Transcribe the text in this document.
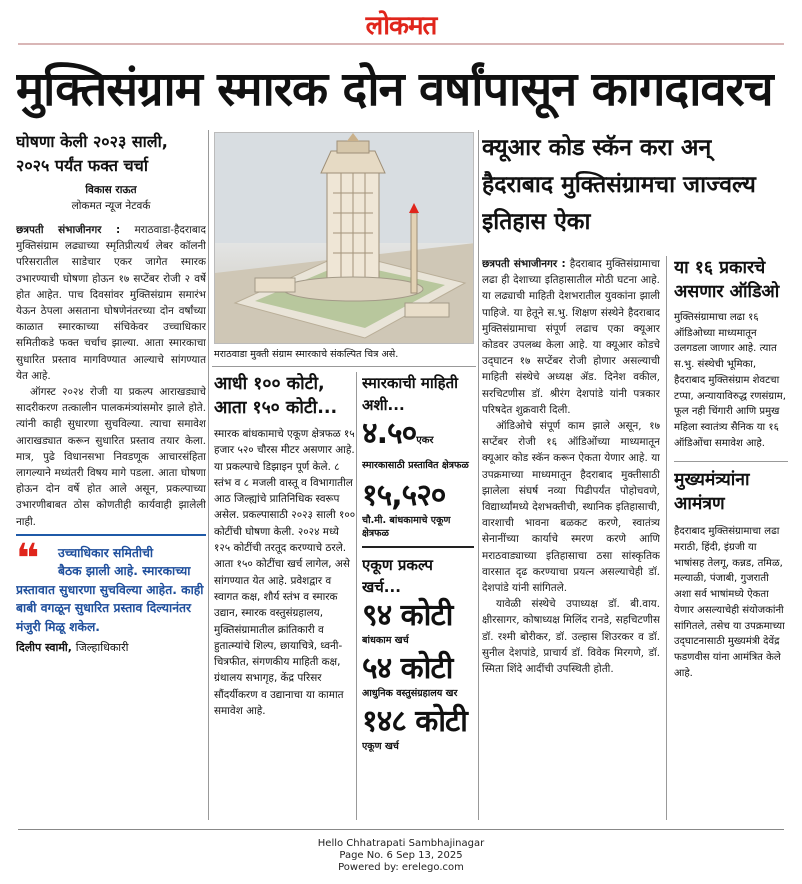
लोकमत
मुक्तिसंग्राम स्मारक दोन वर्षांपासून कागदावरच
घोषणा केली २०२३ साली, २०२५ पर्यंत फक्त चर्चा
विकास राऊत
लोकमत न्यूज नेटवर्क

छत्रपती संभाजीनगर : मराठवाडा-हैदराबाद मुक्तिसंग्राम लढ्याच्या स्मृतिप्रीत्यर्थ लेबर कॉलनी परिसरातील साडेचार एकर जागेत स्मारक उभारण्याची घोषणा होऊन १७ सप्टेंबर रोजी २ वर्षे होत आहेत. पाच दिवसांवर मुक्तिसंग्राम समारंभ येऊन ठेपला असताना घोषणेनंतरच्या दोन वर्षांच्या काळात स्मारकाच्या संचिकेवर उच्चाधिकार समितीकडे फक्त चर्चाच झाल्या. आता स्मारकाचा सुधारित प्रस्ताव मागविण्यात आल्याचे सांगण्यात येत आहे.

ऑगस्ट २०२४ रोजी या प्रकल्प आराखड्याचे सादरीकरण तत्कालीन पालकमंत्र्यांसमोर झाले होते. त्यांनी काही सुधारणा सुचविल्या. त्याचा समावेश आराखड्यात करून सुधारित प्रस्ताव तयार केला. मात्र, पुढे विधानसभा निवडणूक आचारसंहिता लागल्याने मध्यंतरी विषय मागे पडला. आता घोषणा होऊन दोन वर्षे होत आले असून, प्रकल्पाच्या उभारणीबाबत ठोस कोणतीही कार्यवाही झालेली नाही.

❝	उच्चाधिकार समितीची
बैठक झाली आहे. स्मारकाच्या प्रस्तावात सुधारणा सुचविल्या आहेत. काही बाबी वगळून सुधारित प्रस्ताव दिल्यानंतर मंजुरी मिळू शकेल.
दिलीप स्वामी, जिल्हाधिकारी
मराठवाडा मुक्ती संग्राम स्मारकाचे संकल्पित चित्र असे.
आधी १०० कोटी, आता १५० कोटी...

स्मारक बांधकामाचे एकूण क्षेत्रफळ १५ हजार ५२० चौरस मीटर असणार आहे. या प्रकल्पाचे डिझाइन पूर्ण केले. ८ स्तंभ व ८ मजली वास्तू व विभागातील आठ जिल्ह्यांचे प्रातिनिधिक स्वरूप असेल. प्रकल्पासाठी २०२३ साली १०० कोटींची घोषणा केली. २०२४ मध्ये १२५ कोटींची तरतूद करण्याचे ठरले. आता १५० कोटींचा खर्च लागेल, असे सांगण्यात येत आहे. प्रवेशद्वार व स्वागत कक्ष, शौर्य स्तंभ व स्मारक उद्यान, स्मारक वस्तुसंग्रहालय, मुक्तिसंग्रामातील क्रांतिकारी व हुतात्म्यांचे शिल्प, छायाचित्रे, ध्वनी-चित्रफीत, संगणकीय माहिती कक्ष, ग्रंथालय सभागृह, केंद्र परिसर सौंदर्यीकरण व उद्यानाचा या कामात समावेश आहे.

स्मारकाची माहिती अशी...
४.५०एकर
स्मारकासाठी प्रस्तावित क्षेत्रफळ
१५,५२०
चौ.मी. बांधकामाचे एकूण क्षेत्रफळ
एकूण प्रकल्प खर्च...
९४ कोटी
बांधकाम खर्च
५४ कोटी
आधुनिक वस्तुसंग्रहालय खर
१४८ कोटी
एकूण खर्च
क्यूआर कोड स्कॅन करा अन् हैदराबाद मुक्तिसंग्रामचा जाज्वल्य इतिहास ऐका

छत्रपती संभाजीनगर : हैदराबाद मुक्तिसंग्रामाचा लढा ही देशाच्या इतिहासातील मोठी घटना आहे. या लढ्याची माहिती देशभरातील युवकांना झाली पाहिजे. या हेतूने स.भु. शिक्षण संस्थेने हैदराबाद मुक्तिसंग्रामाचा संपूर्ण लढाच एका क्यूआर कोडवर उपलब्ध केला आहे. या क्यूआर कोडचे उद्‌घाटन १७ सप्टेंबर रोजी होणार असल्याची माहिती संस्थेचे अध्यक्ष ॲड. दिनेश वकील, सरचिटणीस डॉ. श्रीरंग देशपांडे यांनी पत्रकार परिषदेत शुक्रवारी दिली.

ऑडिओचे संपूर्ण काम झाले असून, १७ सप्टेंबर रोजी १६ ऑडिओंच्या माध्यमातून क्यूआर कोड स्कॅन करून ऐकता येणार आहे. या उपक्रमाच्या माध्यमातून हैदराबाद मुक्तीसाठी झालेला संघर्ष नव्या पिढीपर्यंत पोहोचवणे, विद्यार्थ्यांमध्ये देशभक्तीची, स्थानिक इतिहासाची, वारशाची भावना बळकट करणे, स्वातंत्र्य सेनानींच्या कार्याचे स्मरण करणे आणि मराठवाड्याच्या इतिहासाचा ठसा सांस्कृतिक वारसात दृढ करण्याचा प्रयत्न असल्याचेही डॉ. देशपांडे यांनी सांगितले.

यावेळी संस्थेचे उपाध्यक्ष डॉ. बी.वाय. क्षीरसागर, कोषाध्यक्ष मिलिंद रानडे, सहचिटणीस डॉ. रश्मी बोरीकर, डॉ. उल्हास शिउरकर व डॉ. सुनील देशपांडे, प्राचार्य डॉ. विवेक मिरगणे, डॉ. स्मिता शिंदे आदींची उपस्थिती होती.

या १६ प्रकारचे असणार ऑडिओ

मुक्तिसंग्रामाचा लढा १६ ऑडिओच्या माध्यमातून उलगडला जाणार आहे. त्यात स.भु. संस्थेची भूमिका, हैदराबाद मुक्तिसंग्राम शेवटचा टप्पा, अन्यायाविरुद्ध रणसंग्राम, फूल नही चिंगारी आणि प्रमुख महिला स्वातंत्र्य सैनिक या १६ ऑडिओंचा समावेश आहे.

मुख्यमंत्र्यांना आमंत्रण

हैदराबाद मुक्तिसंग्रामाचा लढा मराठी, हिंदी, इंग्रजी या भाषांसह तेलगू, कन्नड, तमिळ, मल्याळी, पंजाबी, गुजराती अशा सर्व भाषांमध्ये ऐकता येणार असल्याचेही संयोजकांनी सांगितले, तसेच या उपक्रमाच्या उद्‌घाटनासाठी मुख्यमंत्री देवेंद्र फडणवीस यांना आमंत्रित केले आहे.

Hello Chhatrapati Sambhajinagar
Page No. 6 Sep 13, 2025
Powered by: erelego.com
